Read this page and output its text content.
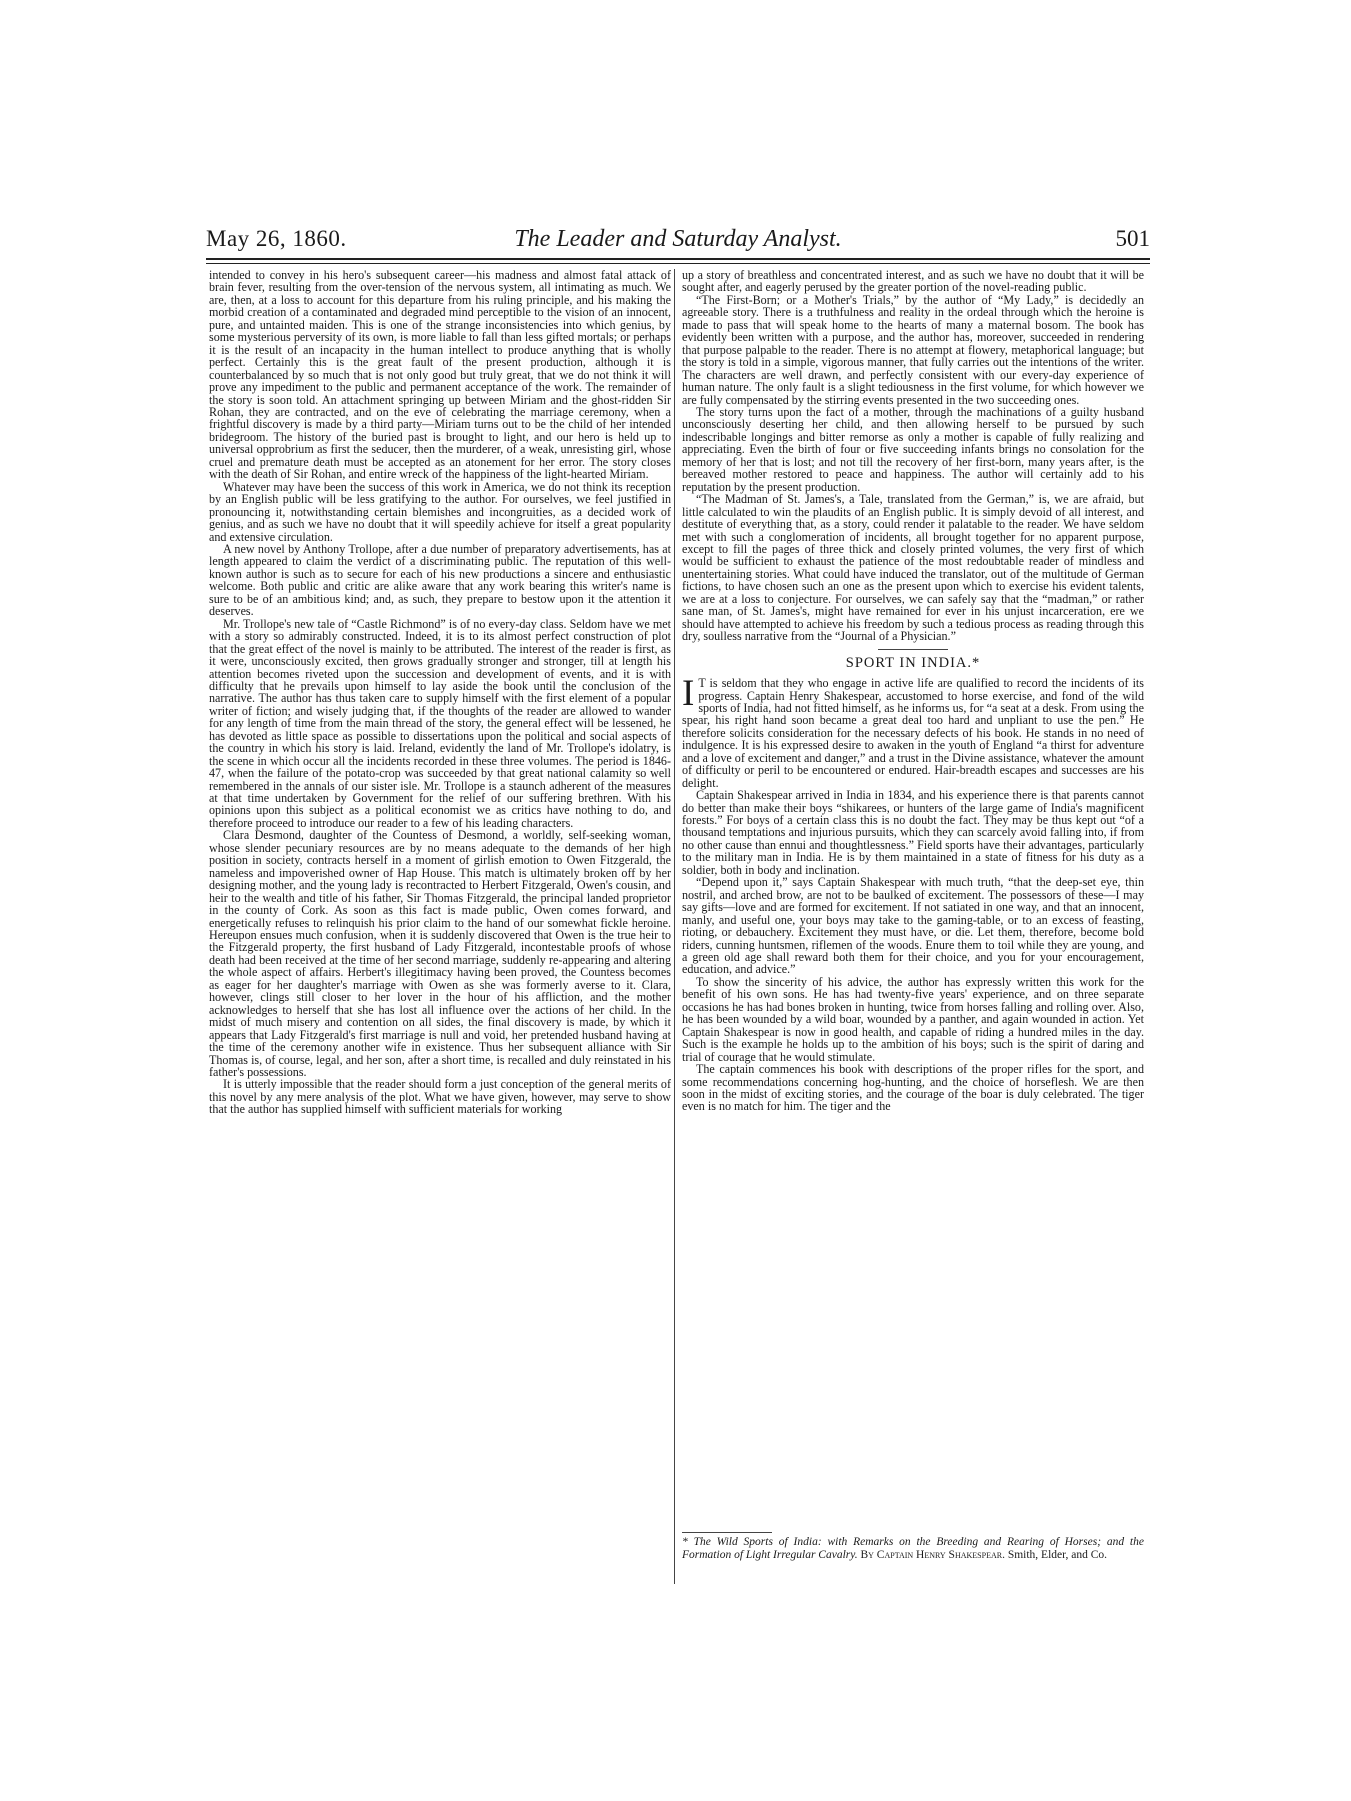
May 26, 1860.	The Leader and Saturday Analyst.	501

intended to convey in his hero's subsequent career—his madness and almost fatal attack of brain fever, resulting from the over-tension of the nervous system, all intimating as much. We are, then, at a loss to account for this departure from his ruling principle, and his making the morbid creation of a contaminated and degraded mind perceptible to the vision of an innocent, pure, and untainted maiden. This is one of the strange inconsistencies into which genius, by some mysterious perversity of its own, is more liable to fall than less gifted mortals; or perhaps it is the result of an incapacity in the human intellect to produce anything that is wholly perfect. Certainly this is the great fault of the present production, although it is counterbalanced by so much that is not only good but truly great, that we do not think it will prove any impediment to the public and permanent acceptance of the work. The remainder of the story is soon told. An attachment springing up between Miriam and the ghost-ridden Sir Rohan, they are contracted, and on the eve of celebrating the marriage ceremony, when a frightful discovery is made by a third party—Miriam turns out to be the child of her intended bridegroom. The history of the buried past is brought to light, and our hero is held up to universal opprobrium as first the seducer, then the murderer, of a weak, unresisting girl, whose cruel and premature death must be accepted as an atonement for her error. The story closes with the death of Sir Rohan, and entire wreck of the happiness of the light-hearted Miriam.

Whatever may have been the success of this work in America, we do not think its reception by an English public will be less gratifying to the author. For ourselves, we feel justified in pronouncing it, notwithstanding certain blemishes and incongruities, as a decided work of genius, and as such we have no doubt that it will speedily achieve for itself a great popularity and extensive circulation.

A new novel by Anthony Trollope, after a due number of preparatory advertisements, has at length appeared to claim the verdict of a discriminating public. The reputation of this well-known author is such as to secure for each of his new productions a sincere and enthusiastic welcome. Both public and critic are alike aware that any work bearing this writer's name is sure to be of an ambitious kind; and, as such, they prepare to bestow upon it the attention it deserves.

Mr. Trollope's new tale of “Castle Richmond” is of no every-day class. Seldom have we met with a story so admirably constructed. Indeed, it is to its almost perfect construction of plot that the great effect of the novel is mainly to be attributed. The interest of the reader is first, as it were, unconsciously excited, then grows gradually stronger and stronger, till at length his attention becomes riveted upon the succession and development of events, and it is with difficulty that he prevails upon himself to lay aside the book until the conclusion of the narrative. The author has thus taken care to supply himself with the first element of a popular writer of fiction; and wisely judging that, if the thoughts of the reader are allowed to wander for any length of time from the main thread of the story, the general effect will be lessened, he has devoted as little space as possible to dissertations upon the political and social aspects of the country in which his story is laid. Ireland, evidently the land of Mr. Trollope's idolatry, is the scene in which occur all the incidents recorded in these three volumes. The period is 1846-47, when the failure of the potato-crop was succeeded by that great national calamity so well remembered in the annals of our sister isle. Mr. Trollope is a staunch adherent of the measures at that time undertaken by Government for the relief of our suffering brethren. With his opinions upon this subject as a political economist we as critics have nothing to do, and therefore proceed to introduce our reader to a few of his leading characters.

Clara Desmond, daughter of the Countess of Desmond, a worldly, self-seeking woman, whose slender pecuniary resources are by no means adequate to the demands of her high position in society, contracts herself in a moment of girlish emotion to Owen Fitzgerald, the nameless and impoverished owner of Hap House. This match is ultimately broken off by her designing mother, and the young lady is recontracted to Herbert Fitzgerald, Owen's cousin, and heir to the wealth and title of his father, Sir Thomas Fitzgerald, the principal landed proprietor in the county of Cork. As soon as this fact is made public, Owen comes forward, and energetically refuses to relinquish his prior claim to the hand of our somewhat fickle heroine. Hereupon ensues much confusion, when it is suddenly discovered that Owen is the true heir to the Fitzgerald property, the first husband of Lady Fitzgerald, incontestable proofs of whose death had been received at the time of her second marriage, suddenly re-appearing and altering the whole aspect of affairs. Herbert's illegitimacy having been proved, the Countess becomes as eager for her daughter's marriage with Owen as she was formerly averse to it. Clara, however, clings still closer to her lover in the hour of his affliction, and the mother acknowledges to herself that she has lost all influence over the actions of her child. In the midst of much misery and contention on all sides, the final discovery is made, by which it appears that Lady Fitzgerald's first marriage is null and void, her pretended husband having at the time of the ceremony another wife in existence. Thus her subsequent alliance with Sir Thomas is, of course, legal, and her son, after a short time, is recalled and duly reinstated in his father's possessions.

It is utterly impossible that the reader should form a just conception of the general merits of this novel by any mere analysis of the plot. What we have given, however, may serve to show that the author has supplied himself with sufficient materials for working

up a story of breathless and concentrated interest, and as such we have no doubt that it will be sought after, and eagerly perused by the greater portion of the novel-reading public.

“The First-Born; or a Mother's Trials,” by the author of “My Lady,” is decidedly an agreeable story. There is a truthfulness and reality in the ordeal through which the heroine is made to pass that will speak home to the hearts of many a maternal bosom. The book has evidently been written with a purpose, and the author has, moreover, succeeded in rendering that purpose palpable to the reader. There is no attempt at flowery, metaphorical language; but the story is told in a simple, vigorous manner, that fully carries out the intentions of the writer. The characters are well drawn, and perfectly consistent with our every-day experience of human nature. The only fault is a slight tediousness in the first volume, for which however we are fully compensated by the stirring events presented in the two succeeding ones.

The story turns upon the fact of a mother, through the machinations of a guilty husband unconsciously deserting her child, and then allowing herself to be pursued by such indescribable longings and bitter remorse as only a mother is capable of fully realizing and appreciating. Even the birth of four or five succeeding infants brings no consolation for the memory of her that is lost; and not till the recovery of her first-born, many years after, is the bereaved mother restored to peace and happiness. The author will certainly add to his reputation by the present production.

“The Madman of St. James's, a Tale, translated from the German,” is, we are afraid, but little calculated to win the plaudits of an English public. It is simply devoid of all interest, and destitute of everything that, as a story, could render it palatable to the reader. We have seldom met with such a conglomeration of incidents, all brought together for no apparent purpose, except to fill the pages of three thick and closely printed volumes, the very first of which would be sufficient to exhaust the patience of the most redoubtable reader of mindless and unentertaining stories. What could have induced the translator, out of the multitude of German fictions, to have chosen such an one as the present upon which to exercise his evident talents, we are at a loss to conjecture. For ourselves, we can safely say that the “madman,” or rather sane man, of St. James's, might have remained for ever in his unjust incarceration, ere we should have attempted to achieve his freedom by such a tedious process as reading through this dry, soulless narrative from the “Journal of a Physician.”

SPORT IN INDIA.*

I T is seldom that they who engage in active life are qualified to record the incidents of its progress. Captain Henry Shakespear, accustomed to horse exercise, and fond of the wild sports of India, had not fitted himself, as he informs us, for “a seat at a desk. From using the spear, his right hand soon became a great deal too hard and unpliant to use the pen.” He therefore solicits consideration for the necessary defects of his book. He stands in no need of indulgence. It is his expressed desire to awaken in the youth of England “a thirst for adventure and a love of excitement and danger,” and a trust in the Divine assistance, whatever the amount of difficulty or peril to be encountered or endured. Hair-breadth escapes and successes are his delight.

Captain Shakespear arrived in India in 1834, and his experience there is that parents cannot do better than make their boys “shikarees, or hunters of the large game of India's magnificent forests.” For boys of a certain class this is no doubt the fact. They may be thus kept out “of a thousand temptations and injurious pursuits, which they can scarcely avoid falling into, if from no other cause than ennui and thoughtlessness.” Field sports have their advantages, particularly to the military man in India. He is by them maintained in a state of fitness for his duty as a soldier, both in body and inclination.

“Depend upon it,” says Captain Shakespear with much truth, “that the deep-set eye, thin nostril, and arched brow, are not to be baulked of excitement. The possessors of these—I may say gifts—love and are formed for excitement. If not satiated in one way, and that an innocent, manly, and useful one, your boys may take to the gaming-table, or to an excess of feasting, rioting, or debauchery. Excitement they must have, or die. Let them, therefore, become bold riders, cunning huntsmen, riflemen of the woods. Enure them to toil while they are young, and a green old age shall reward both them for their choice, and you for your encouragement, education, and advice.”

To show the sincerity of his advice, the author has expressly written this work for the benefit of his own sons. He has had twenty-five years' experience, and on three separate occasions he has had bones broken in hunting, twice from horses falling and rolling over. Also, he has been wounded by a wild boar, wounded by a panther, and again wounded in action. Yet Captain Shakespear is now in good health, and capable of riding a hundred miles in the day. Such is the example he holds up to the ambition of his boys; such is the spirit of daring and trial of courage that he would stimulate.

The captain commences his book with descriptions of the proper rifles for the sport, and some recommendations concerning hog-hunting, and the choice of horseflesh. We are then soon in the midst of exciting stories, and the courage of the boar is duly celebrated. The tiger even is no match for him. The tiger and the

* The Wild Sports of India: with Remarks on the Breeding and Rearing of Horses; and the Formation of Light Irregular Cavalry. By Captain Henry Shakespear. Smith, Elder, and Co.
